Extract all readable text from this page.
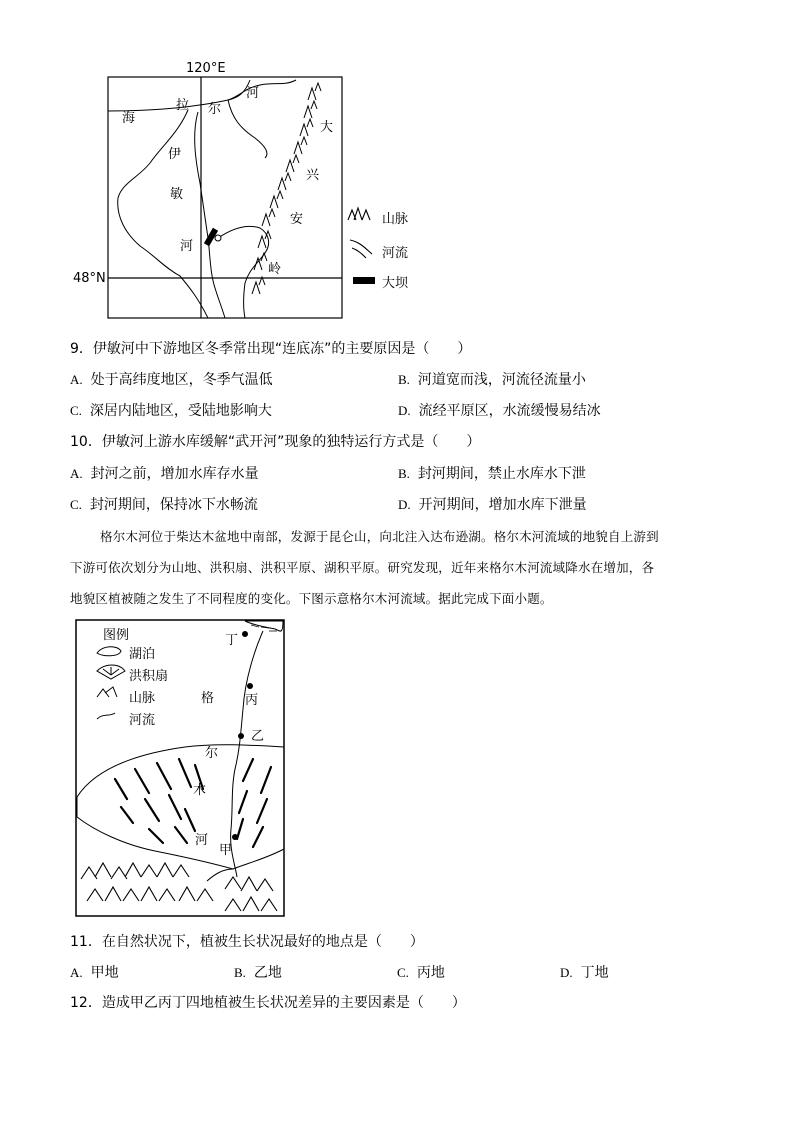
120°E
48°N
海
拉 尔
河
伊
敏
河
大
兴
安
岭
山脉
河流
大坝
9．伊敏河中下游地区冬季常出现“连底冻”的主要原因是（　　）
A. 处于高纬度地区，冬季气温低	B. 河道宽而浅，河流径流量小
C. 深居内陆地区，受陆地影响大	D. 流经平原区，水流缓慢易结冰
10．伊敏河上游水库缓解“武开河”现象的独特运行方式是（　　）
A. 封河之前，增加水库存水量	B. 封河期间，禁止水库水下泄
C. 封河期间，保持冰下水畅流	D. 开河期间，增加水库下泄量
格尔木河位于柴达木盆地中南部，发源于昆仑山，向北注入达布逊湖。格尔木河流域的地貌自上游到
下游可依次划分为山地、洪积扇、洪积平原、湖积平原。研究发现，近年来格尔木河流域降水在增加，各
地貌区植被随之发生了不同程度的变化。下图示意格尔木河流域。据此完成下面小题。
图例
湖泊
洪积扇
山脉
河流
格
尔
木
河
丁
丙
乙
甲
11．在自然状况下，植被生长状况最好的地点是（　　）
A. 甲地	B. 乙地	C. 丙地	D. 丁地
12．造成甲乙丙丁四地植被生长状况差异的主要因素是（　　）
